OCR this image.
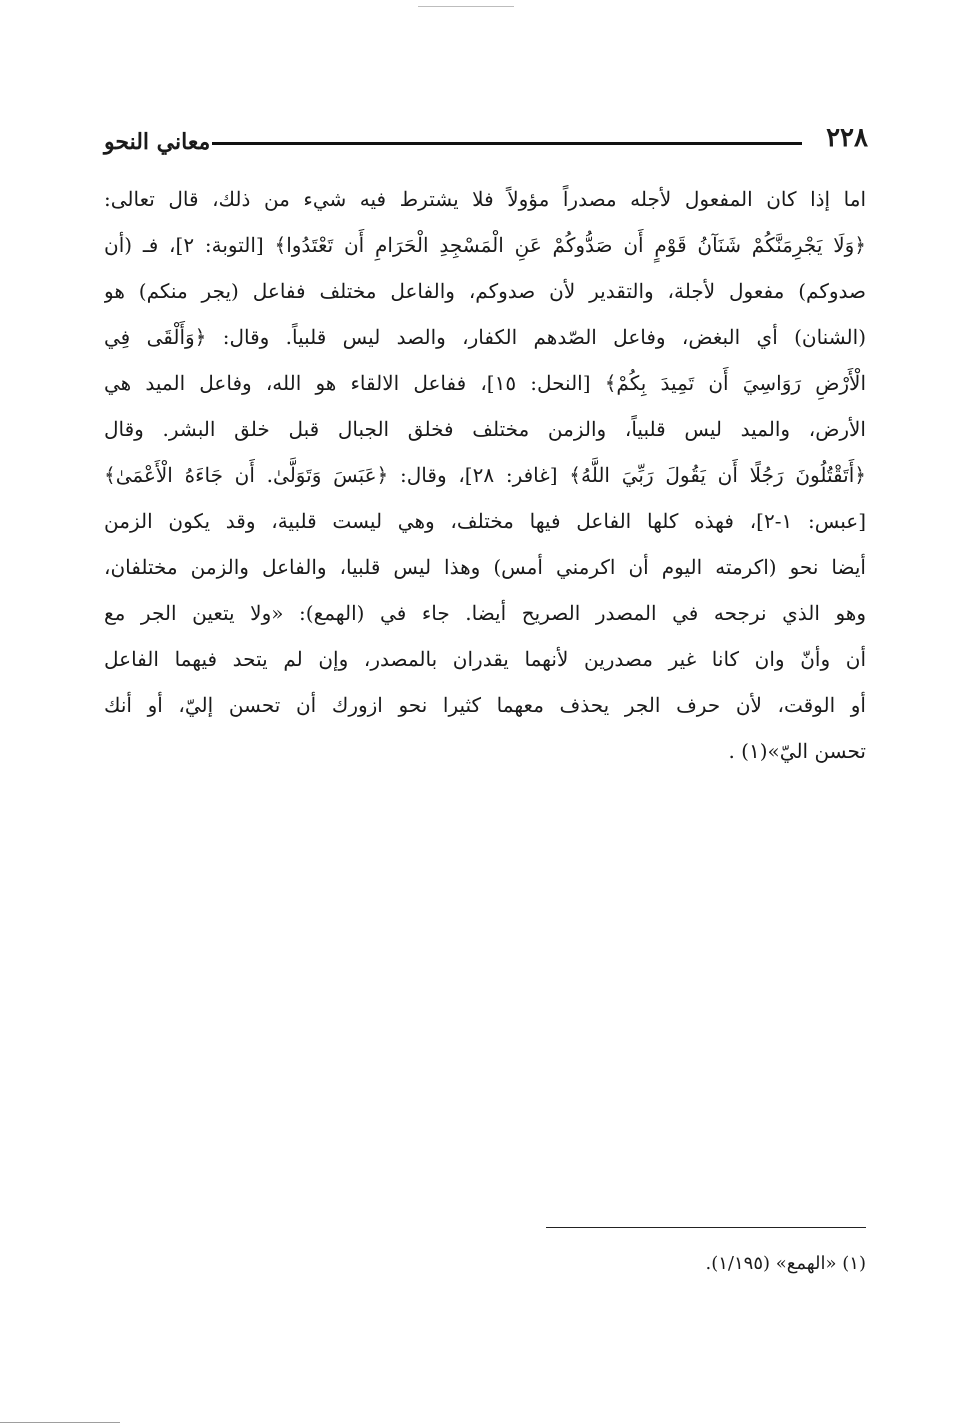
٢٢٨
معاني النحو
اما إذا كان المفعول لأجله مصدراً مؤولاً فلا يشترط فيه شيء من ذلك، قال تعالى:
﴿وَلَا يَجْرِمَنَّكُمْ شَنَآنُ قَوْمٍ أَن صَدُّوكُمْ عَنِ الْمَسْجِدِ الْحَرَامِ أَن تَعْتَدُوا﴾ [التوبة: ٢]، فـ (أن
صدوكم) مفعول لأجلة، والتقدير لأن صدوكم، والفاعل مختلف ففاعل (يجر منكم) هو
(الشنان) أي البغض، وفاعل الصّدهم الكفار، والصد ليس قلبياً. وقال: ﴿وَأَلْقَى فِي
الْأَرْضِ رَوَاسِيَ أَن تَمِيدَ بِكُمْ﴾ [النحل: ١٥]، ففاعل الالقاء هو الله، وفاعل الميد هي
الأرض، والميد ليس قلبياً، والزمن مختلف فخلق الجبال قبل خلق البشر. وقال
﴿أَتَقْتُلُونَ رَجُلًا أَن يَقُولَ رَبِّيَ اللَّهُ﴾ [غافر: ٢٨]، وقال: ﴿عَبَسَ وَتَوَلَّىٰ. أَن جَاءَهُ الْأَعْمَىٰ﴾
[عبس: ١-٢]، فهذه كلها الفاعل فيها مختلف، وهي ليست قلبية، وقد يكون الزمن
أيضا نحو (اكرمته اليوم أن اكرمني أمس) وهذا ليس قلبيا، والفاعل والزمن مختلفان،
وهو الذي نرجحه في المصدر الصريح أيضا. جاء في (الهمع): «ولا يتعين الجر مع
أن وأنّ وان كانا غير مصدرين لأنهما يقدران بالمصدر، وإن لم يتحد فيهما الفاعل
أو الوقت، لأن حرف الجر يحذف معهما كثيرا نحو ازورك أن تحسن إليّ، أو أنك
تحسن اليّ»(١) .
(١) «الهمع» (١/١٩٥).
